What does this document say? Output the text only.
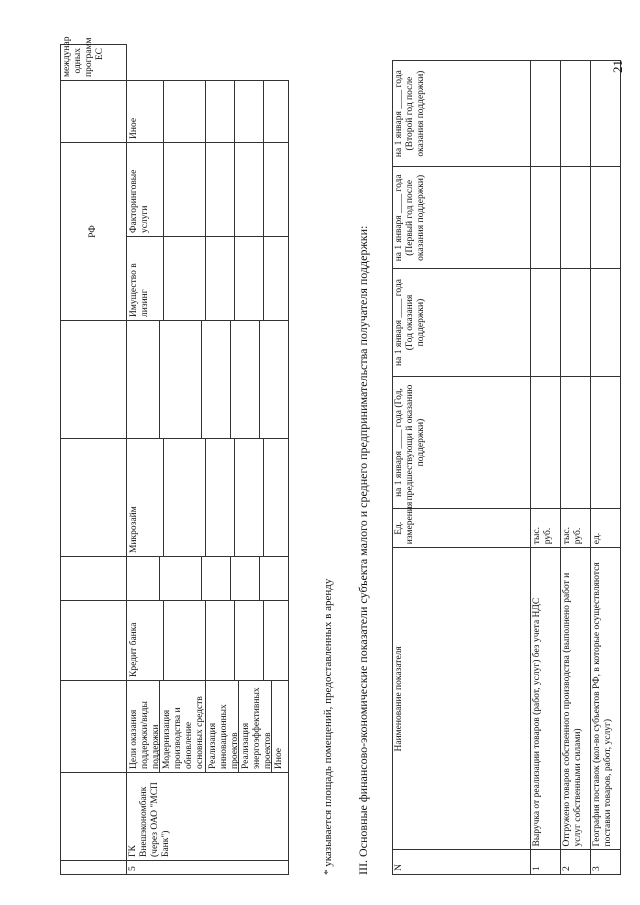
							РФ			междунар одных программ ЕС
5	ГК Внешэкономбанк (через ОАО "МСП Банк")	Цели оказания поддержки/виды поддержки Модернизация производства и обновление основных средств Реализация инновационных проектов Реализация энергоэффективных проектов Иное	Кредит банка		Микрозайм		Имущество в лизинг	Факторинговые услуги	Иное	
* указывается площадь помещений, предоставленных в аренду III. Основные финансово-экономические показатели субъекта малого и среднего предпринимательства получателя поддержки:	N	Наименование показателя	Ед. измерения	на 1 января ____ года (Год, предшествующи й оказанию поддержки)	на 1 января ____ года (Год оказания поддержки)	на 1 января ____ года (Первый год после оказания поддержки)	на 1 января ____ года (Второй год после оказания поддержки)
1	Выручка от реализации товаров (работ, услуг) без учета НДС	тыс. руб.				
2	Отгружено товаров собственного производства (выполнено работ и услуг собственными силами)	тыс. руб.				
3	География поставок (кол-во субъектов РФ, в которые осуществляются поставки товаров, работ, услуг)	ед.				
21
